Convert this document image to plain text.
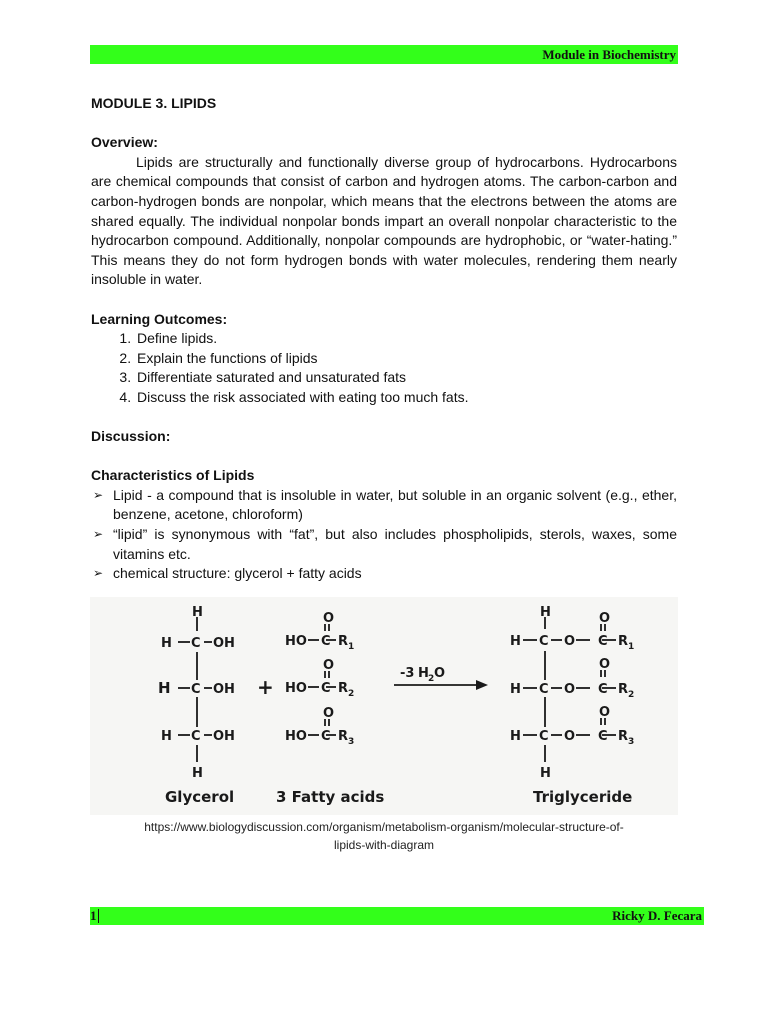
Module in Biochemistry

MODULE 3. LIPIDS

Overview:

Lipids are structurally and functionally diverse group of hydrocarbons. Hydrocarbons are chemical compounds that consist of carbon and hydrogen atoms. The carbon-carbon and carbon-hydrogen bonds are nonpolar, which means that the electrons between the atoms are shared equally. The individual nonpolar bonds impart an overall nonpolar characteristic to the hydrocarbon compound. Additionally, nonpolar compounds are hydrophobic, or “water-hating.” This means they do not form hydrogen bonds with water molecules, rendering them nearly insoluble in water.

Learning Outcomes:

1. Define lipids.
2. Explain the functions of lipids
3. Differentiate saturated and unsaturated fats
4. Discuss the risk associated with eating too much fats.

Discussion:

Characteristics of Lipids

➢ Lipid - a compound that is insoluble in water, but soluble in an organic solvent (e.g., ether, benzene, acetone, chloroform)
➢ “lipid” is synonymous with “fat”, but also includes phospholipids, sterols, waxes, some vitamins etc.
➢ chemical structure: glycerol + fatty acids
H
H C OH
H C OH
H C OH
H
+
O
HO C R 1
O
HO C R 2
O
HO C R 3
-3 H 2 O
H
H C O C
O
R 1
H C O C
O
R 2
H C O C
O
R 3
H
Glycerol	3 Fatty acids	Triglyceride
https://www.biologydiscussion.com/organism/metabolism-organism/molecular-structure-of-
lipids-with-diagram
1	Ricky D. Fecara
